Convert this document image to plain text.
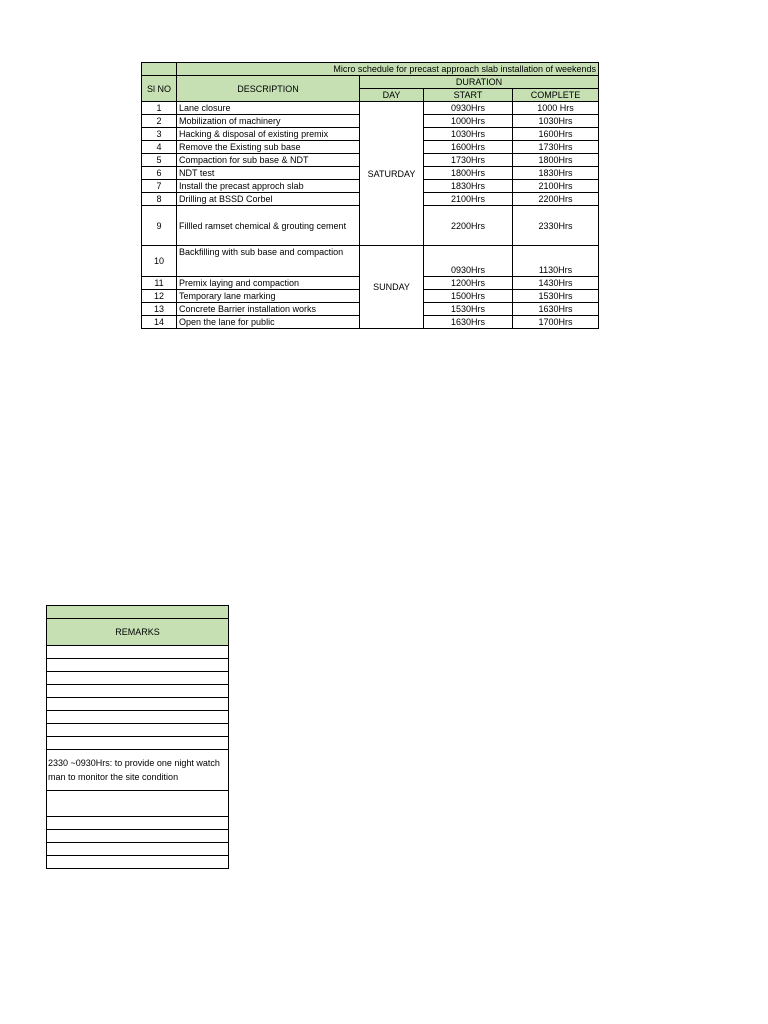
	Micro schedule for precast approach slab installation of weekends			
Sl NO	DESCRIPTION	DURATION		
		DAY	START	COMPLETE
1	Lane closure	SATURDAY	0930Hrs	1000 Hrs
2	Mobilization of machinery		1000Hrs	1030Hrs
3	Hacking & disposal of existing premix		1030Hrs	1600Hrs
4	Remove the Existing sub base		1600Hrs	1730Hrs
5	Compaction for sub base & NDT		1730Hrs	1800Hrs
6	NDT test		1800Hrs	1830Hrs
7	Install the precast approch slab		1830Hrs	2100Hrs
8	Drilling at BSSD Corbel		2100Hrs	2200Hrs
9	Fillled ramset chemical & grouting cement		2200Hrs	2330Hrs
10	Backfilling with sub base and compaction	SUNDAY	0930Hrs	1130Hrs
11	Premix laying and compaction		1200Hrs	1430Hrs
12	Temporary lane marking		1500Hrs	1530Hrs
13	Concrete Barrier installation works		1530Hrs	1630Hrs
14	Open the lane for public		1630Hrs	1700Hrs

REMARKS

2330 ~0930Hrs: to provide one night watch man to monitor the site condition
